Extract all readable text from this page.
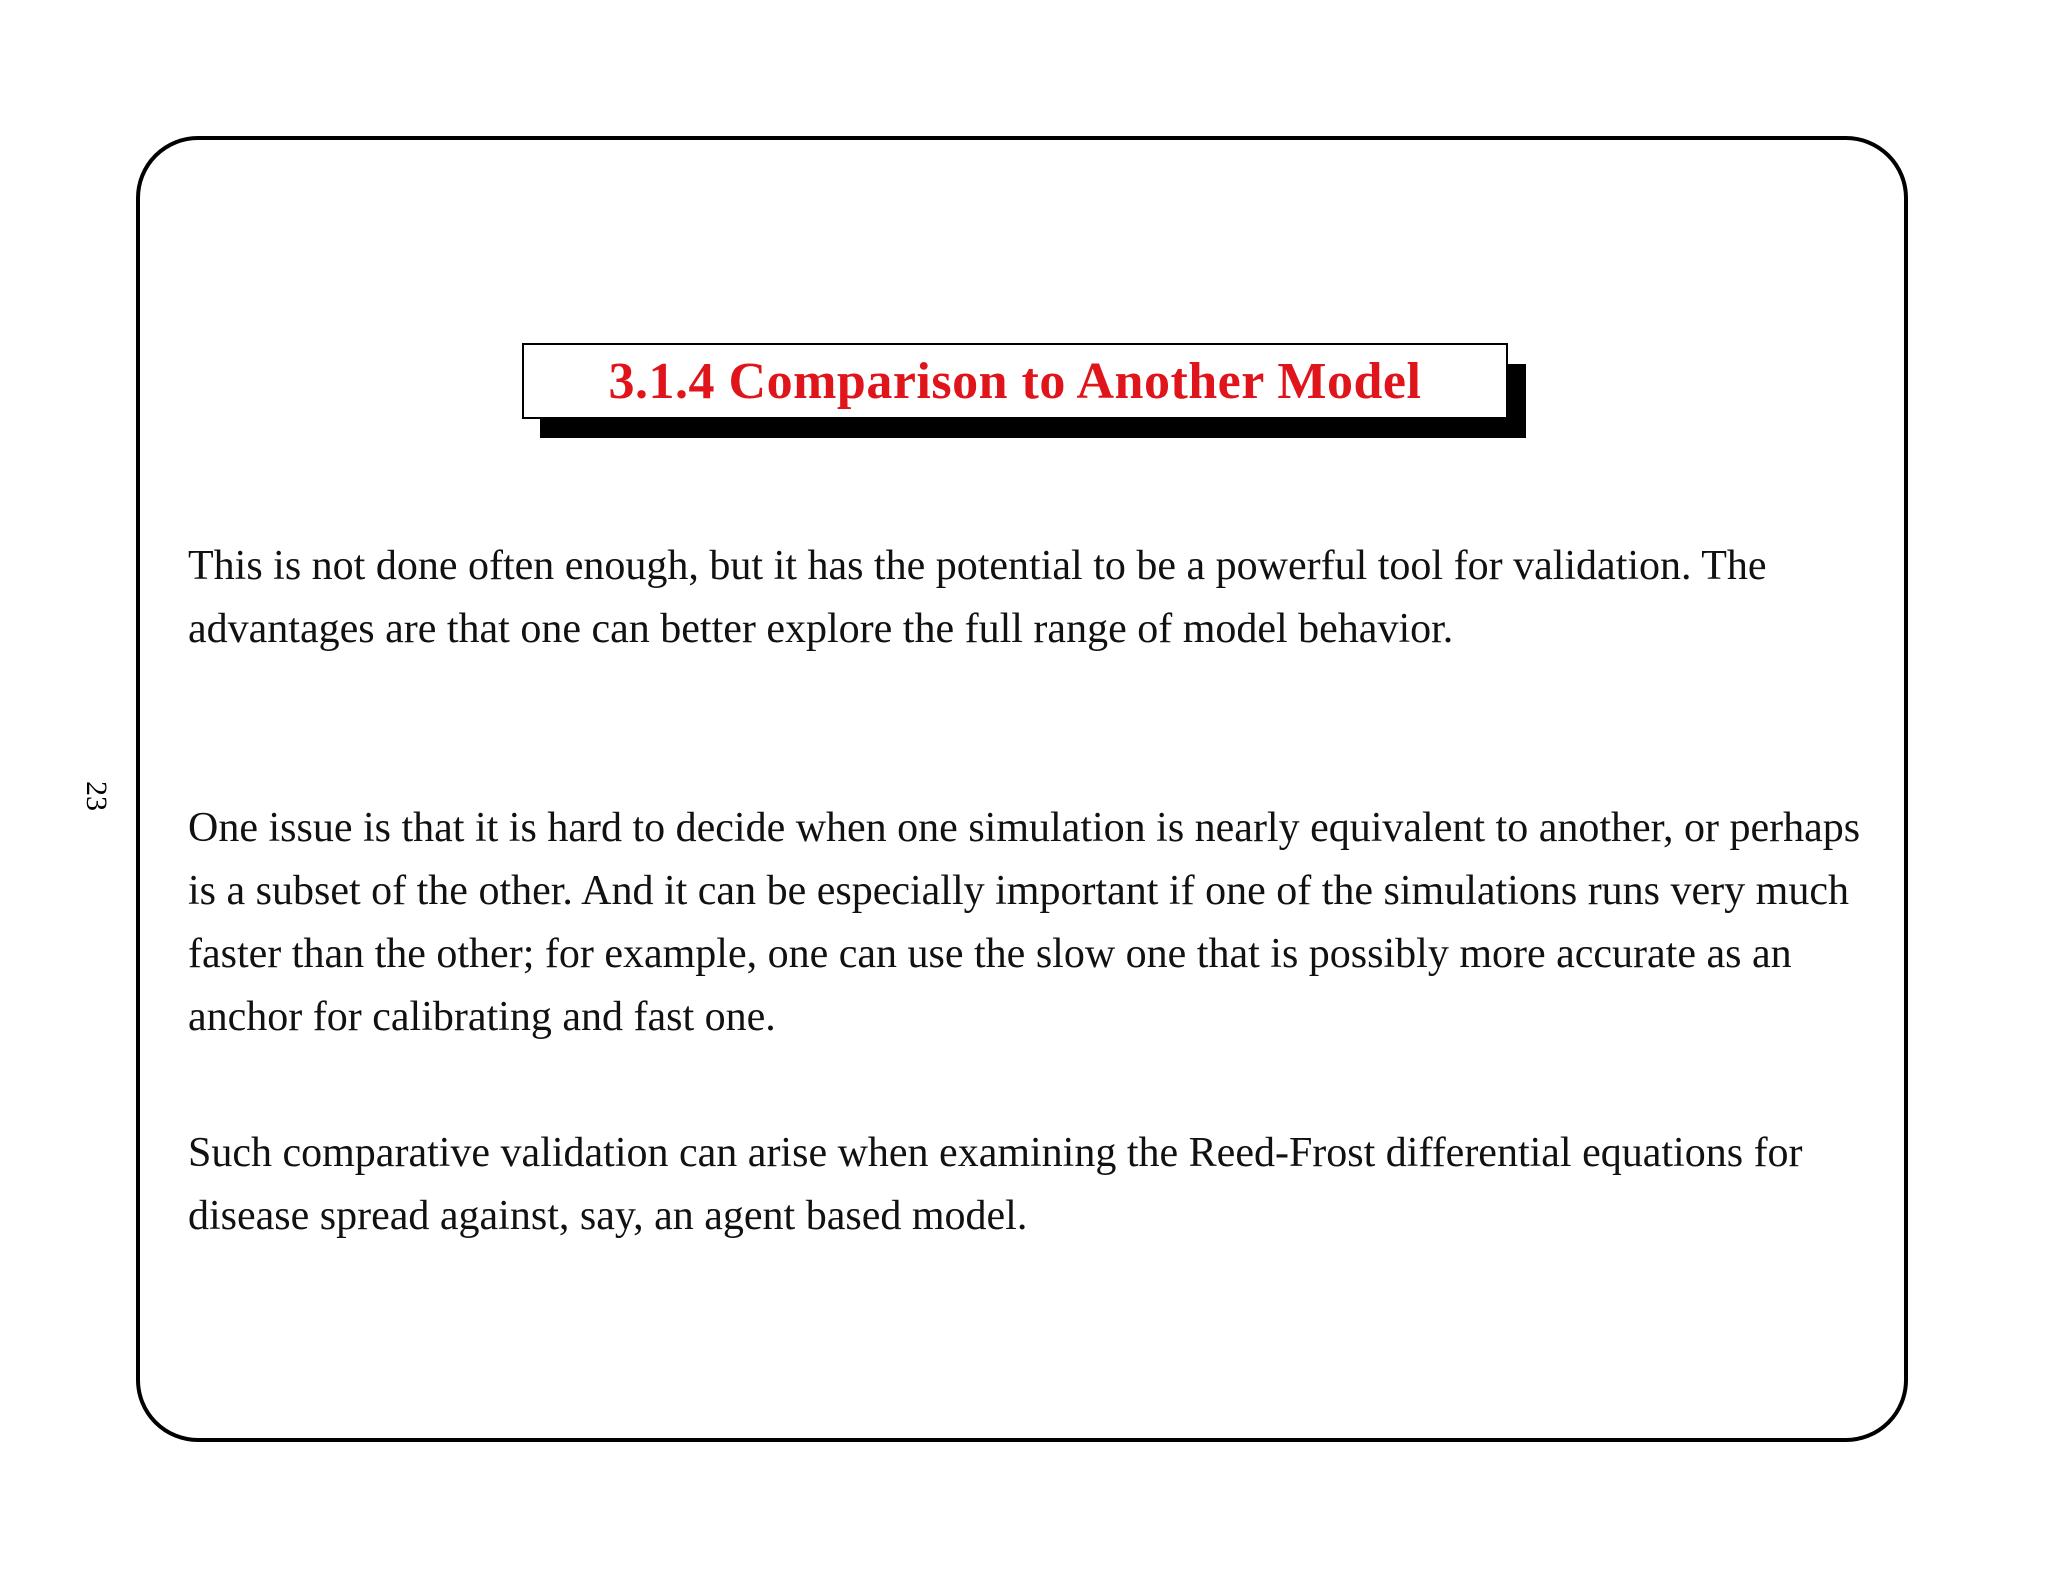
23
3.1.4 Comparison to Another Model

This is not done often enough, but it has the potential to be a powerful tool for validation. The advantages are that one can better explore the full range of model behavior.

One issue is that it is hard to decide when one simulation is nearly equivalent to another, or perhaps is a subset of the other. And it can be especially important if one of the simulations runs very much faster than the other; for example, one can use the slow one that is possibly more accurate as an anchor for calibrating and fast one.

Such comparative validation can arise when examining the Reed-Frost differential equations for disease spread against, say, an agent based model.
